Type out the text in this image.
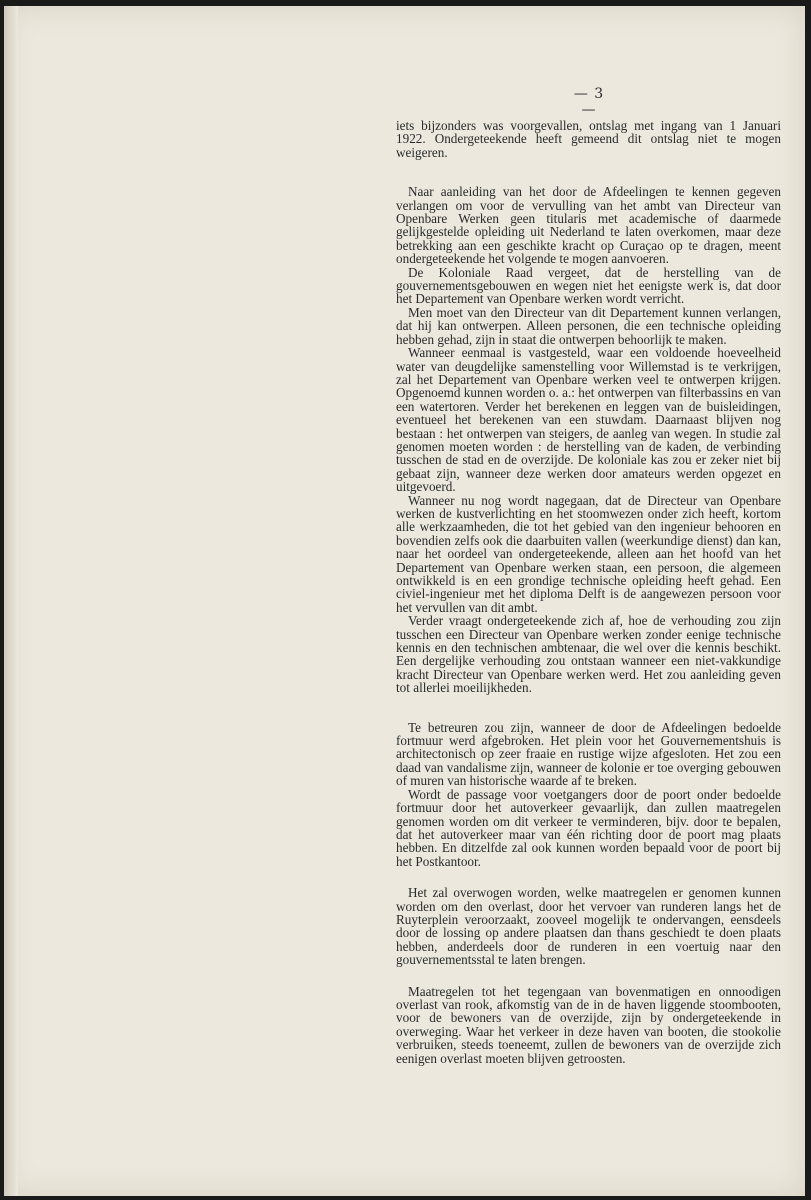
— 3 —

iets bijzonders was voorgevallen, ontslag met ingang van 1 Januari 1922. Ondergeteekende heeft gemeend dit ontslag niet te mogen weigeren.

Naar aanleiding van het door de Afdeelingen te kennen gegeven verlangen om voor de vervulling van het ambt van Directeur van Openbare Werken geen titularis met academische of daarmede gelijkgestelde opleiding uit Nederland te laten overkomen, maar deze betrekking aan een geschikte kracht op Curaçao op te dragen, meent ondergeteekende het volgende te mogen aanvoeren.

De Koloniale Raad vergeet, dat de herstelling van de gouvernementsgebouwen en wegen niet het eenigste werk is, dat door het Departement van Openbare werken wordt verricht.

Men moet van den Directeur van dit Departement kunnen verlangen, dat hij kan ontwerpen. Alleen personen, die een technische opleiding hebben gehad, zijn in staat die ontwerpen behoorlijk te maken.

Wanneer eenmaal is vastgesteld, waar een voldoende hoeveelheid water van deugdelijke samenstelling voor Willemstad is te verkrijgen, zal het Departement van Openbare werken veel te ontwerpen krijgen. Opgenoemd kunnen worden o. a.: het ontwerpen van filterbassins en van een watertoren. Verder het berekenen en leggen van de buisleidingen, eventueel het berekenen van een stuwdam. Daarnaast blijven nog bestaan : het ontwerpen van steigers, de aanleg van wegen. In studie zal genomen moeten worden : de herstelling van de kaden, de verbinding tusschen de stad en de overzijde. De koloniale kas zou er zeker niet bij gebaat zijn, wanneer deze werken door amateurs werden opgezet en uitgevoerd.

Wanneer nu nog wordt nagegaan, dat de Directeur van Openbare werken de kustverlichting en het stoomwezen onder zich heeft, kortom alle werkzaamheden, die tot het gebied van den ingenieur behooren en bovendien zelfs ook die daarbuiten vallen (weerkundige dienst) dan kan, naar het oordeel van ondergeteekende, alleen aan het hoofd van het Departement van Openbare werken staan, een persoon, die algemeen ontwikkeld is en een grondige technische opleiding heeft gehad. Een civiel-ingenieur met het diploma Delft is de aangewezen persoon voor het vervullen van dit ambt.

Verder vraagt ondergeteekende zich af, hoe de verhouding zou zijn tusschen een Directeur van Openbare werken zonder eenige technische kennis en den technischen ambtenaar, die wel over die kennis beschikt. Een dergelijke verhouding zou ontstaan wanneer een niet-vakkundige kracht Directeur van Openbare werken werd. Het zou aanleiding geven tot allerlei moeilijkheden.

Te betreuren zou zijn, wanneer de door de Afdeelingen bedoelde fortmuur werd afgebroken. Het plein voor het Gouvernementshuis is architectonisch op zeer fraaie en rustige wijze afgesloten. Het zou een daad van vandalisme zijn, wanneer de kolonie er toe overging gebouwen of muren van historische waarde af te breken.

Wordt de passage voor voetgangers door de poort onder bedoelde fortmuur door het autoverkeer gevaarlijk, dan zullen maatregelen genomen worden om dit verkeer te verminderen, bijv. door te bepalen, dat het autoverkeer maar van één richting door de poort mag plaats hebben. En ditzelfde zal ook kunnen worden bepaald voor de poort bij het Postkantoor.

Het zal overwogen worden, welke maatregelen er genomen kunnen worden om den overlast, door het vervoer van runderen langs het de Ruyterplein veroorzaakt, zooveel mogelijk te ondervangen, eensdeels door de lossing op andere plaatsen dan thans geschiedt te doen plaats hebben, anderdeels door de runderen in een voertuig naar den gouvernementsstal te laten brengen.

Maatregelen tot het tegengaan van bovenmatigen en onnoodigen overlast van rook, afkomstig van de in de haven liggende stoombooten, voor de bewoners van de overzijde, zijn by ondergeteekende in overweging. Waar het verkeer in deze haven van booten, die stookolie verbruiken, steeds toeneemt, zullen de bewoners van de overzijde zich eenigen overlast moeten blijven getroosten.
